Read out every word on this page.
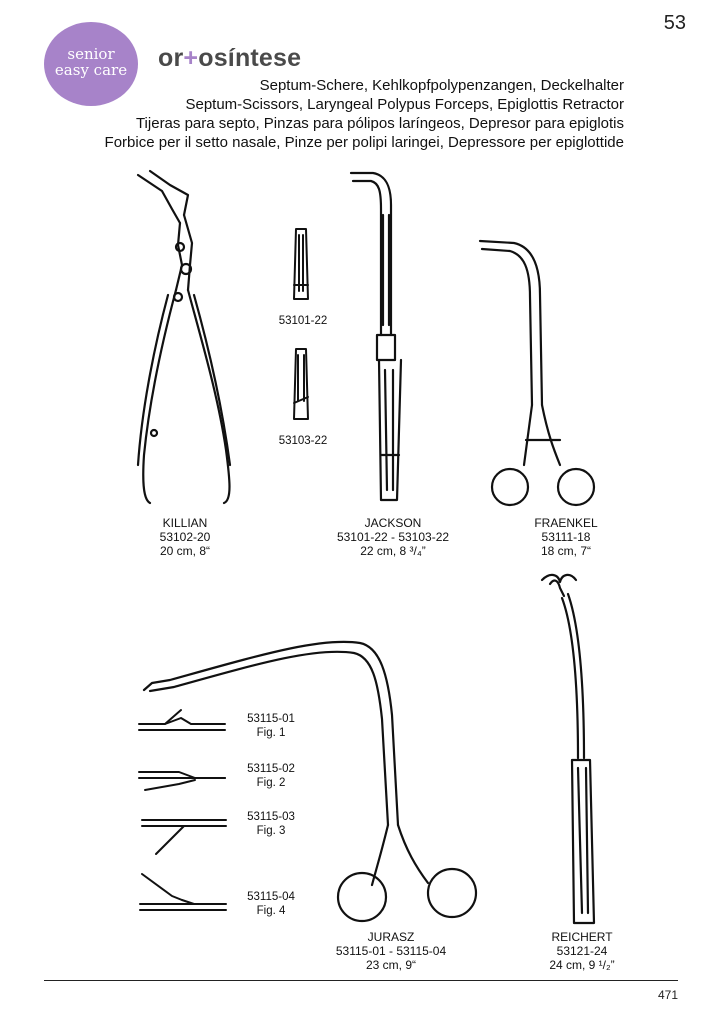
53
senior
easy care	or+osíntese
Septum-Schere, Kehlkopfpolypenzangen, Deckelhalter
Septum-Scissors, Laryngeal Polypus Forceps, Epiglottis Retractor
Tijeras para septo, Pinzas para pólipos laríngeos, Depresor para epiglotis
Forbice per il setto nasale, Pinze per polipi laringei, Depressore per epiglottide
KILLIAN
53102-20
20 cm, 8“
53101-22
53103-22
JACKSON
53101-22 - 53103-22
22 cm, 8 ³/₄”
FRAENKEL
53111-18
18 cm, 7“
REICHERT
53121-24
24 cm, 9 ¹/₂”
53115-01
Fig. 1
53115-02
Fig. 2
53115-03
Fig. 3
53115-04
Fig. 4
JURASZ
53115-01 - 53115-04
23 cm, 9“
471
